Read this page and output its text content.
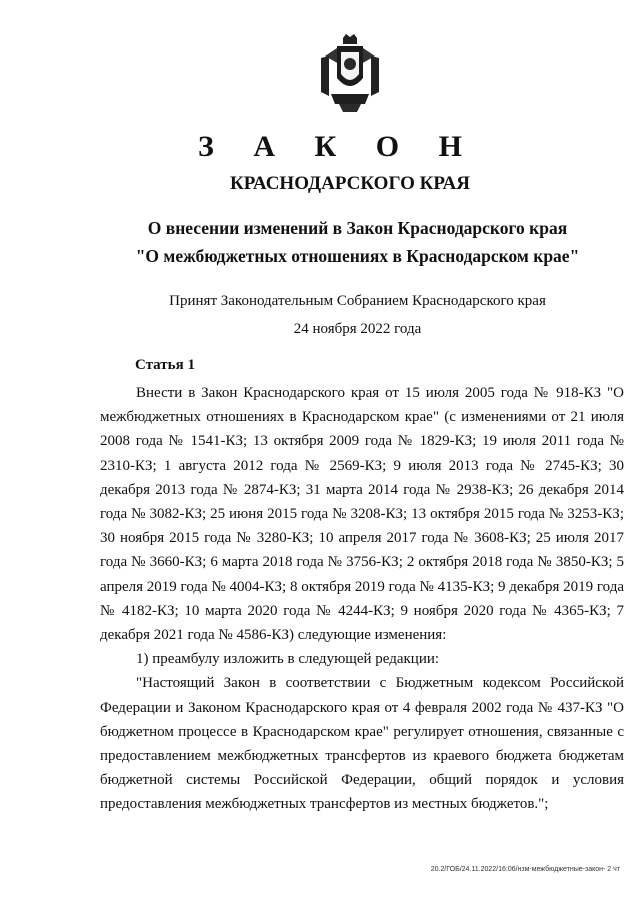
З А К О Н
КРАСНОДАРСКОГО КРАЯ
О внесении изменений в Закон Краснодарского края
"О межбюджетных отношениях в Краснодарском крае"
Принят Законодательным Собранием Краснодарского края
24 ноября 2022 года
Статья 1

Внести в Закон Краснодарского края от 15 июля 2005 года № 918-КЗ "О межбюджетных отношениях в Краснодарском крае" (с изменениями от 21 июля 2008 года № 1541-КЗ; 13 октября 2009 года № 1829-КЗ; 19 июля 2011 года № 2310-КЗ; 1 августа 2012 года № 2569-КЗ; 9 июля 2013 года № 2745-КЗ; 30 декабря 2013 года № 2874-КЗ; 31 марта 2014 года № 2938-КЗ; 26 декабря 2014 года № 3082-КЗ; 25 июня 2015 года № 3208-КЗ; 13 октября 2015 года № 3253-КЗ; 30 ноября 2015 года № 3280-КЗ; 10 апреля 2017 года № 3608-КЗ; 25 июля 2017 года № 3660-КЗ; 6 марта 2018 года № 3756-КЗ; 2 октября 2018 года № 3850-КЗ; 5 апреля 2019 года № 4004-КЗ; 8 октября 2019 года № 4135-КЗ; 9 декабря 2019 года № 4182-КЗ; 10 марта 2020 года № 4244-КЗ; 9 ноября 2020 года № 4365-КЗ; 7 декабря 2021 года № 4586-КЗ) следующие изменения:

1) преамбулу изложить в следующей редакции:

"Настоящий Закон в соответствии с Бюджетным кодексом Российской Федерации и Законом Краснодарского края от 4 февраля 2002 года № 437-КЗ "О бюджетном процессе в Краснодарском крае" регулирует отношения, связанные с предоставлением межбюджетных трансфертов из краевого бюджета бюджетам бюджетной системы Российской Федерации, общий порядок и условия предоставления межбюджетных трансфертов из местных бюджетов.";

20.2/ГОБ/24.11.2022/16:06/нзм-межбюджетные-закон- 2 чт
